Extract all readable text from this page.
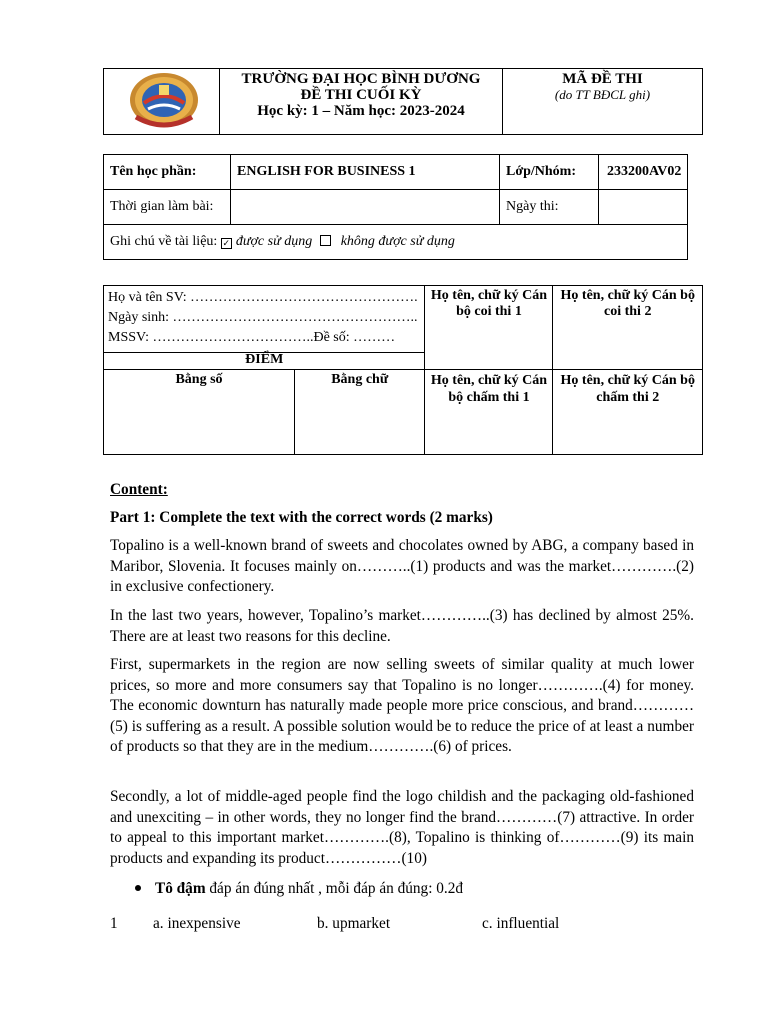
TRƯỜNG ĐẠI HỌC BÌNH DƯƠNG
ĐỀ THI CUỐI KỲ
Học kỳ: 1 – Năm học: 2023-2024

MÃ ĐỀ THI
(do TT BĐCL ghi)
Tên học phần:	ENGLISH FOR BUSINESS 1	Lớp/Nhóm:	233200AV02
Thời gian làm bài:		Ngày thi:	
Ghi chú về tài liệu: ✓ được sử dụng không được sử dụng			
Họ và tên SV: ………………………………………….
Ngày sinh: ……………………………………………..
MSSV: ……………………………..Đề số: ………		Họ tên, chữ ký Cán bộ coi thi 1	Họ tên, chữ ký Cán bộ coi thi 2
ĐIỂM			
Bằng số	Bằng chữ	Họ tên, chữ ký Cán bộ chấm thi 1	Họ tên, chữ ký Cán bộ chấm thi 2
Content:
Part 1: Complete the text with the correct words (2 marks)

Topalino is a well-known brand of sweets and chocolates owned by ABG, a company based in Maribor, Slovenia. It focuses mainly on………..(1) products and was the market………….(2) in exclusive confectionery.

In the last two years, however, Topalino’s market…………..(3) has declined by almost 25%. There are at least two reasons for this decline.

First, supermarkets in the region are now selling sweets of similar quality at much lower prices, so more and more consumers say that Topalino is no longer………….(4) for money. The economic downturn has naturally made people more price conscious, and brand…………(5) is suffering as a result. A possible solution would be to reduce the price of at least a number of products so that they are in the medium………….(6) of prices.

Secondly, a lot of middle-aged people find the logo childish and the packaging old-fashioned and unexciting – in other words, they no longer find the brand…………(7) attractive. In order to appeal to this important market………….(8), Topalino is thinking of…………(9) its main products and expanding its product……………(10)

Tô đậm đáp án đúng nhất , mỗi đáp án đúng: 0.2đ
1 a. inexpensive	b. upmarket	c. influential
